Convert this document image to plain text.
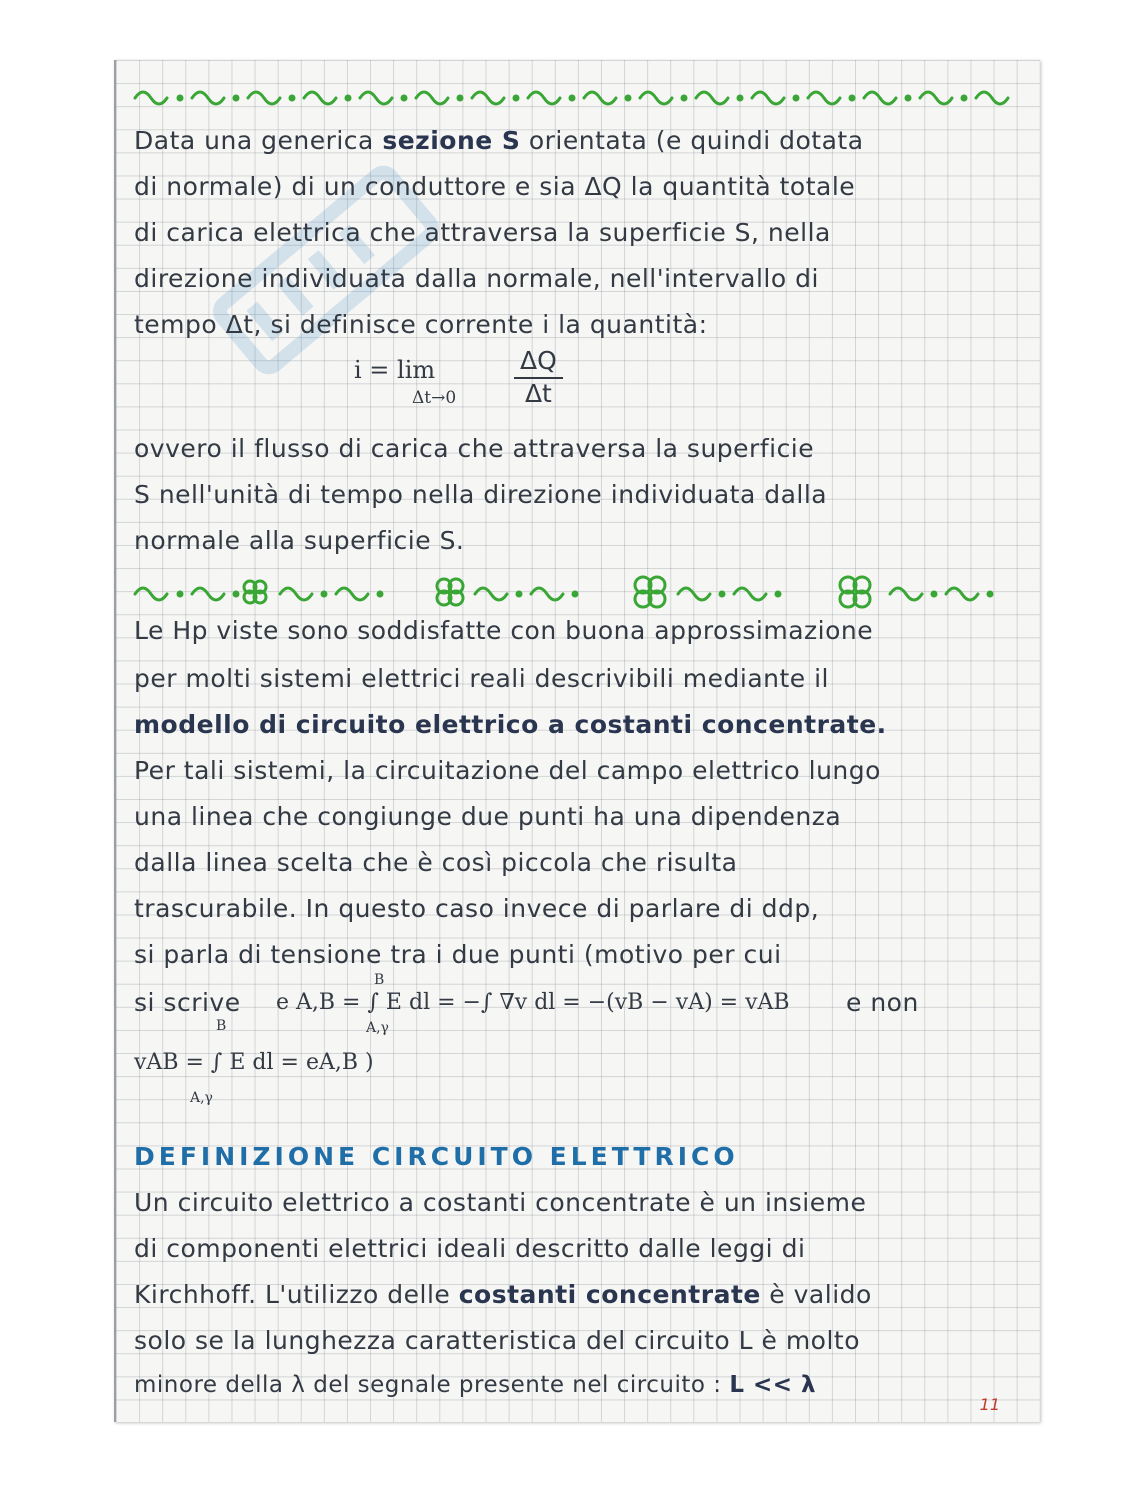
Data una generica sezione S orientata (e quindi dotata
di normale) di un conduttore e sia ΔQ la quantità totale
di carica elettrica che attraversa la superficie S, nella
direzione individuata dalla normale, nell'intervallo di
tempo Δt, si definisce corrente i la quantità:
i = lim
$\Delta t\to 0 \frac{\Delta Q}{\Delta t}$
ovvero il flusso di carica che attraversa la superficie
S nell'unità di tempo nella direzione individuata dalla
normale alla superficie S.
Le Hp viste sono soddisfatte con buona approssimazione
per molti sistemi elettrici reali descrivibili mediante il
modello di circuito elettrico a costanti concentrate.
Per tali sistemi, la circuitazione del campo elettrico lungo
una linea che congiunge due punti ha una dipendenza
dalla linea scelta che è così piccola che risulta
trascurabile. In questo caso invece di parlare di ddp,
si parla di tensione tra i due punti (motivo per cui
si scrive e A,B = ∫ E dl = −∫ ∇v dl = −(vB − vA) = vAB
B
A,γ
e non
B
vAB = ∫ E dl = eA,B )
A,γ
DEFINIZIONE CIRCUITO ELETTRICO
Un circuito elettrico a costanti concentrate è un insieme
di componenti elettrici ideali descritto dalle leggi di
Kirchhoff. L'utilizzo delle costanti concentrate è valido
solo se la lunghezza caratteristica del circuito L è molto
minore della λ del segnale presente nel circuito : L << λ
11
